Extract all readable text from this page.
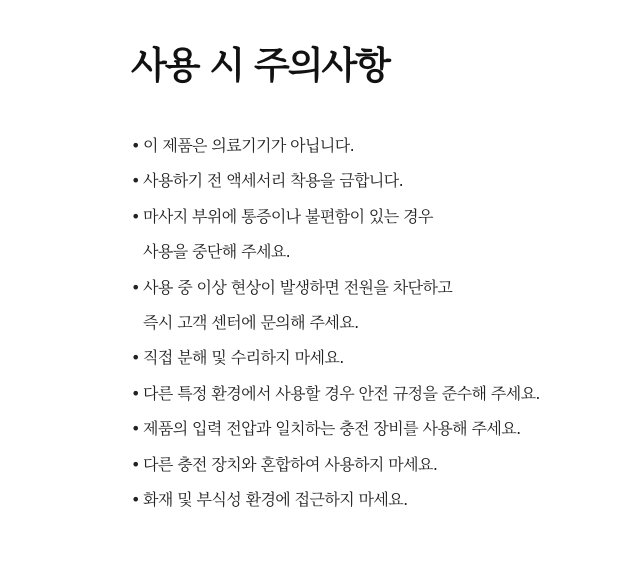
사용 시 주의사항
• 이 제품은 의료기기가 아닙니다.
• 사용하기 전 액세서리 착용을 금합니다.
• 마사지 부위에 통증이나 불편함이 있는 경우
사용을 중단해 주세요.
• 사용 중 이상 현상이 발생하면 전원을 차단하고
즉시 고객 센터에 문의해 주세요.
• 직접 분해 및 수리하지 마세요.
• 다른 특정 환경에서 사용할 경우 안전 규정을 준수해 주세요.
• 제품의 입력 전압과 일치하는 충전 장비를 사용해 주세요.
• 다른 충전 장치와 혼합하여 사용하지 마세요.
• 화재 및 부식성 환경에 접근하지 마세요.
